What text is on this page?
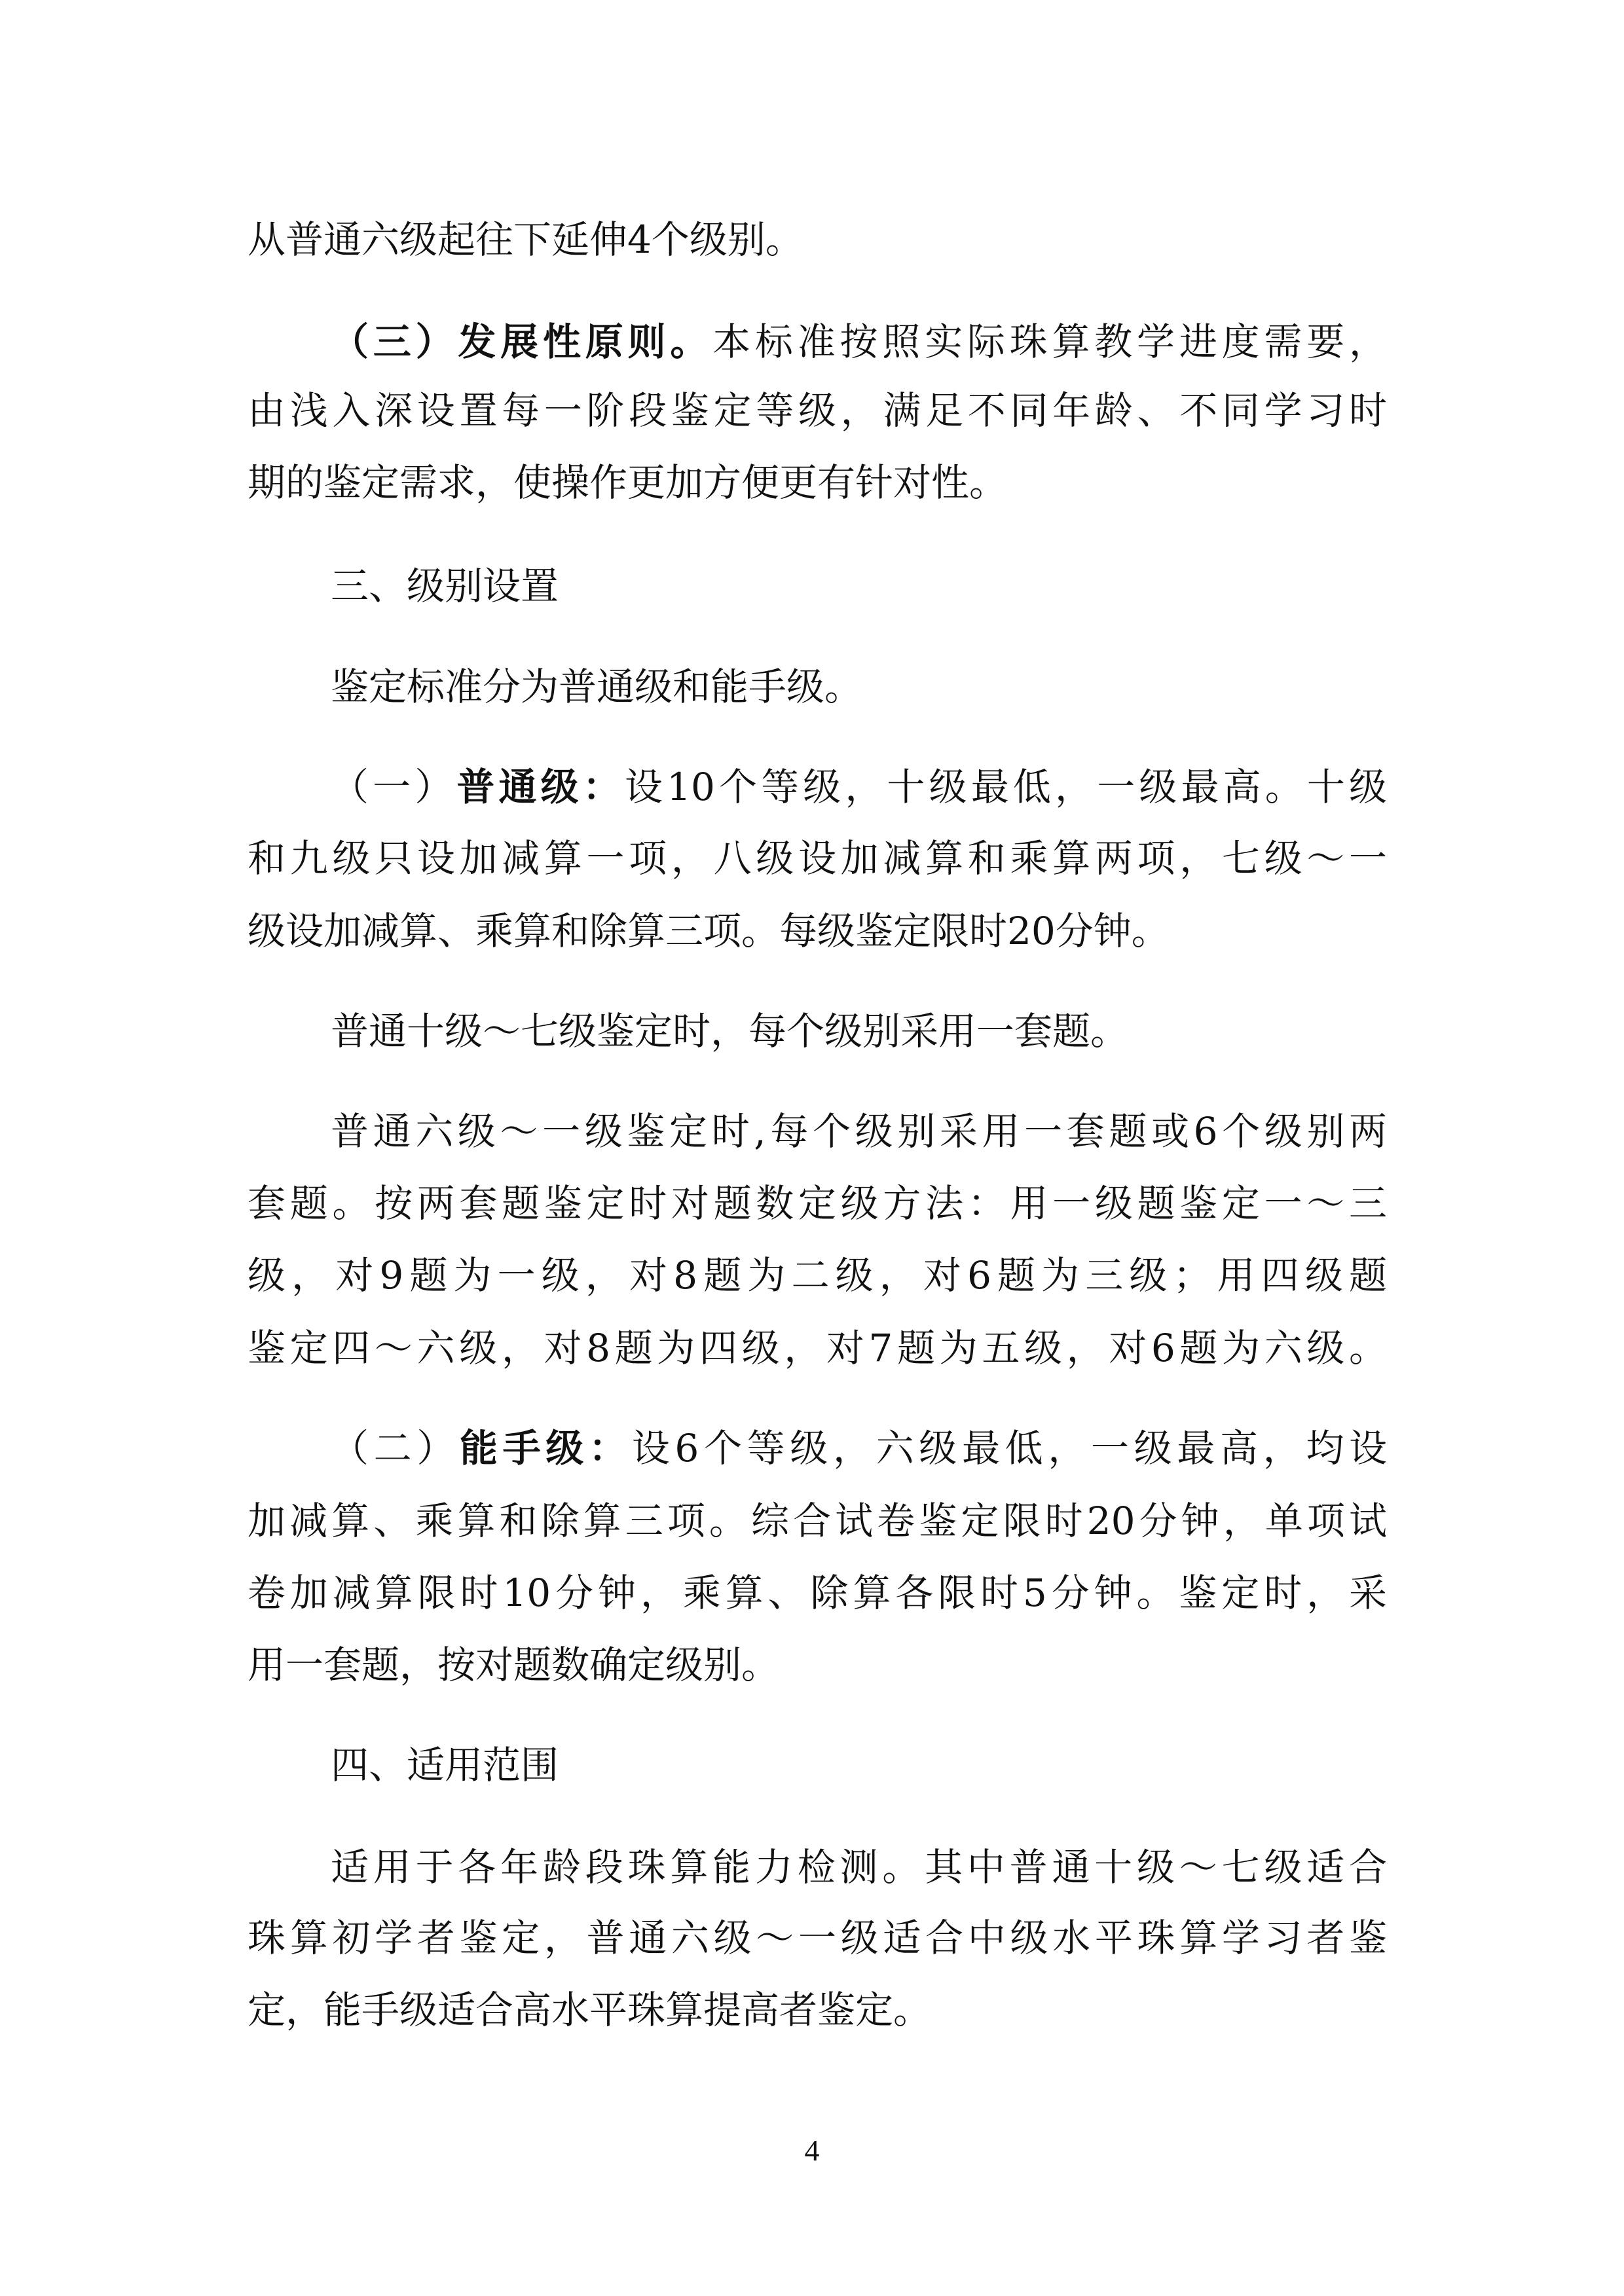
从普通六级起往下延伸4个级别。
（三）发展性原则。本标准按照实际珠算教学进度需要，
由浅入深设置每一阶段鉴定等级，满足不同年龄、不同学习时
期的鉴定需求，使操作更加方便更有针对性。
三、级别设置
鉴定标准分为普通级和能手级。
（一）普通级：设10个等级，十级最低，一级最高。十级
和九级只设加减算一项，八级设加减算和乘算两项，七级～一
级设加减算、乘算和除算三项。每级鉴定限时20分钟。
普通十级～七级鉴定时，每个级别采用一套题。
普通六级～一级鉴定时,每个级别采用一套题或6个级别两
套题。按两套题鉴定时对题数定级方法：用一级题鉴定一～三
级，对9题为一级，对8题为二级，对6题为三级；用四级题
鉴定四～六级，对8题为四级，对7题为五级，对6题为六级。
（二）能手级：设6个等级，六级最低，一级最高，均设
加减算、乘算和除算三项。综合试卷鉴定限时20分钟，单项试
卷加减算限时10分钟，乘算、除算各限时5分钟。鉴定时，采
用一套题，按对题数确定级别。
四、适用范围
适用于各年龄段珠算能力检测。其中普通十级～七级适合
珠算初学者鉴定，普通六级～一级适合中级水平珠算学习者鉴
定，能手级适合高水平珠算提高者鉴定。
4
